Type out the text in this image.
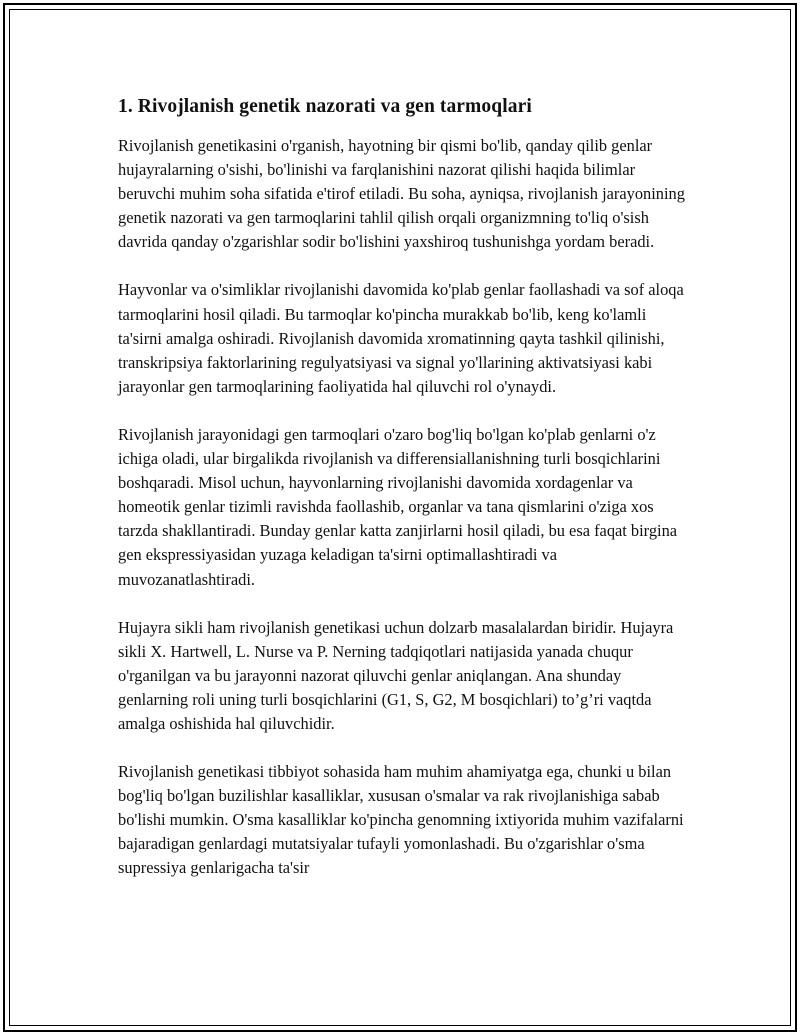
1. Rivojlanish genetik nazorati va gen tarmoqlari

Rivojlanish genetikasini o'rganish, hayotning bir qismi bo'lib, qanday qilib genlar hujayralarning o'sishi, bo'linishi va farqlanishini nazorat qilishi haqida bilimlar beruvchi muhim soha sifatida e'tirof etiladi. Bu soha, ayniqsa, rivojlanish jarayonining genetik nazorati va gen tarmoqlarini tahlil qilish orqali organizmning to'liq o'sish davrida qanday o'zgarishlar sodir bo'lishini yaxshiroq tushunishga yordam beradi.

Hayvonlar va o'simliklar rivojlanishi davomida ko'plab genlar faollashadi va sof aloqa tarmoqlarini hosil qiladi. Bu tarmoqlar ko'pincha murakkab bo'lib, keng ko'lamli ta'sirni amalga oshiradi. Rivojlanish davomida xromatinning qayta tashkil qilinishi, transkripsiya faktorlarining regulyatsiyasi va signal yo'llarining aktivatsiyasi kabi jarayonlar gen tarmoqlarining faoliyatida hal qiluvchi rol o'ynaydi.

Rivojlanish jarayonidagi gen tarmoqlari o'zaro bog'liq bo'lgan ko'plab genlarni o'z ichiga oladi, ular birgalikda rivojlanish va differensiallanishning turli bosqichlarini boshqaradi. Misol uchun, hayvonlarning rivojlanishi davomida xordagenlar va homeotik genlar tizimli ravishda faollashib, organlar va tana qismlarini o'ziga xos tarzda shakllantiradi. Bunday genlar katta zanjirlarni hosil qiladi, bu esa faqat birgina gen ekspressiyasidan yuzaga keladigan ta'sirni optimallashtiradi va muvozanatlashtiradi.

Hujayra sikli ham rivojlanish genetikasi uchun dolzarb masalalardan biridir. Hujayra sikli X. Hartwell, L. Nurse va P. Nerning tadqiqotlari natijasida yanada chuqur o'rganilgan va bu jarayonni nazorat qiluvchi genlar aniqlangan. Ana shunday genlarning roli uning turli bosqichlarini (G1, S, G2, M bosqichlari) to’g’ri vaqtda amalga oshishida hal qiluvchidir.

Rivojlanish genetikasi tibbiyot sohasida ham muhim ahamiyatga ega, chunki u bilan bog'liq bo'lgan buzilishlar kasalliklar, xususan o'smalar va rak rivojlanishiga sabab bo'lishi mumkin. O'sma kasalliklar ko'pincha genomning ixtiyorida muhim vazifalarni bajaradigan genlardagi mutatsiyalar tufayli yomonlashadi. Bu o'zgarishlar o'sma supressiya genlarigacha ta'sir
